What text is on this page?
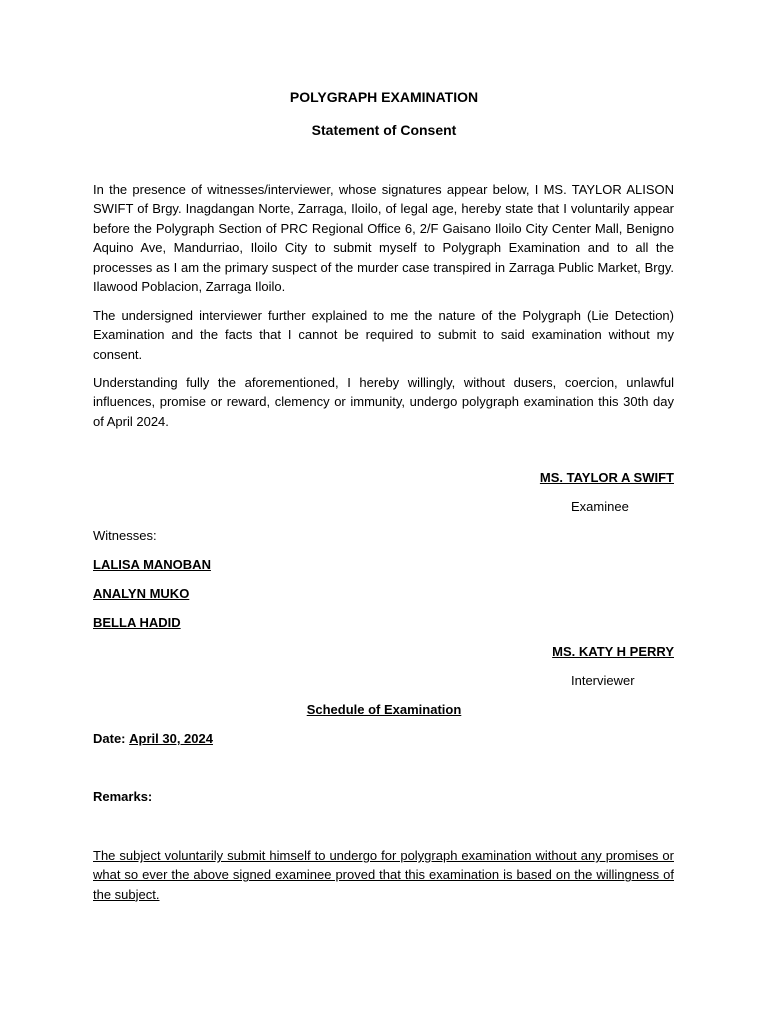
POLYGRAPH EXAMINATION
Statement of Consent

In the presence of witnesses/interviewer, whose signatures appear below, I MS. TAYLOR ALISON SWIFT of Brgy. Inagdangan Norte, Zarraga, Iloilo, of legal age, hereby state that I voluntarily appear before the Polygraph Section of PRC Regional Office 6, 2/F Gaisano Iloilo City Center Mall, Benigno Aquino Ave, Mandurriao, Iloilo City to submit myself to Polygraph Examination and to all the processes as I am the primary suspect of the murder case transpired in Zarraga Public Market, Brgy. Ilawood Poblacion, Zarraga Iloilo.

The undersigned interviewer further explained to me the nature of the Polygraph (Lie Detection) Examination and the facts that I cannot be required to submit to said examination without my consent.

Understanding fully the aforementioned, I hereby willingly, without dusers, coercion, unlawful influences, promise or reward, clemency or immunity, undergo polygraph examination this 30th day of April 2024.

MS. TAYLOR A SWIFT
Examinee
Witnesses:
LALISA MANOBAN
ANALYN MUKO
BELLA HADID
MS. KATY H PERRY
Interviewer
Schedule of Examination
Date: April 30, 2024
Remarks:

The subject voluntarily submit himself to undergo for polygraph examination without any promises or what so ever the above signed examinee proved that this examination is based on the willingness of the subject.
